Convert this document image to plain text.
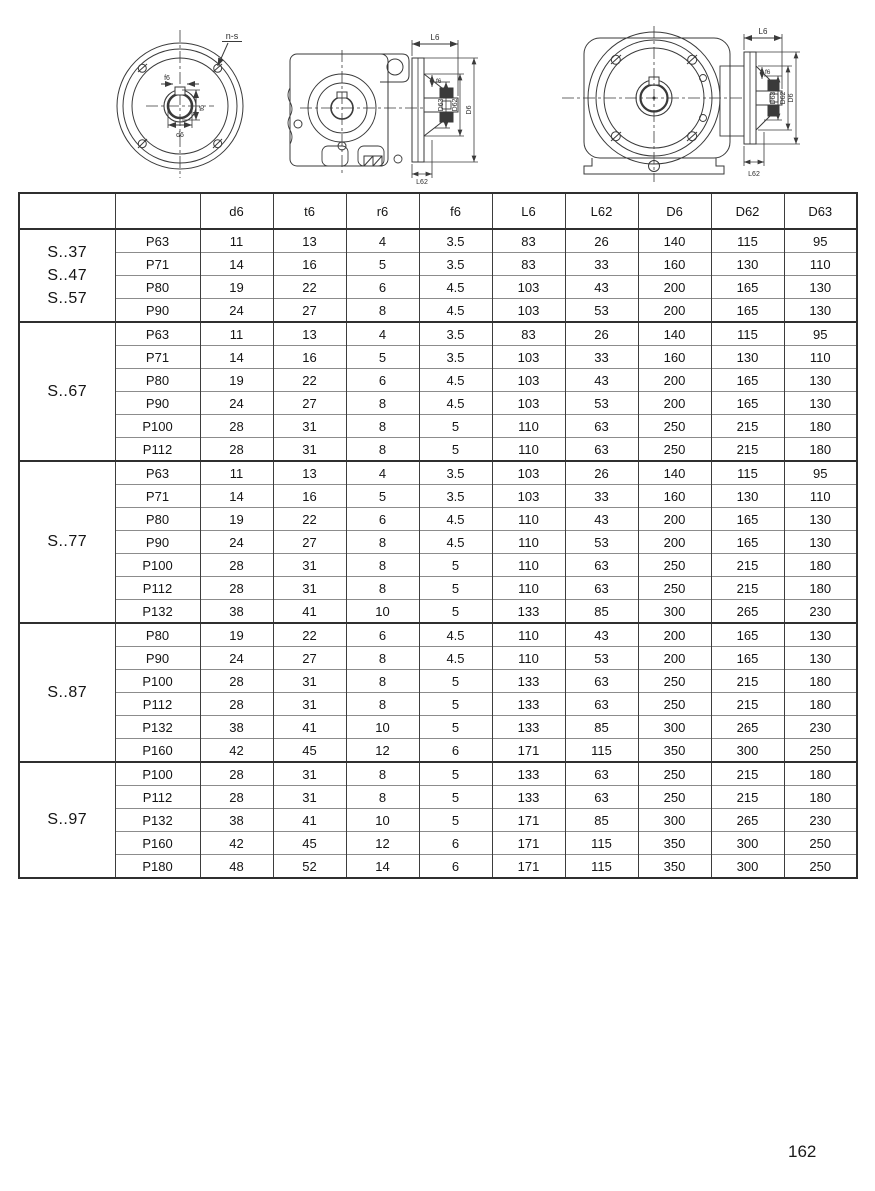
n-s
f6
t6
d6
L6
f6
D63 D62 D6
L62
L6
f6
D63 D62 D6
L62
		d6	t6	r6	f6	L6	L62	D6	D62	D63

S..37
S..47
S..57	P63	11	13	4	3.5	83	26	140	115	95
	P71	14	16	5	3.5	83	33	160	130	110
	P80	19	22	6	4.5	103	43	200	165	130
	P90	24	27	8	4.5	103	53	200	165	130

S..67	P63	11	13	4	3.5	83	26	140	115	95
	P71	14	16	5	3.5	103	33	160	130	110
	P80	19	22	6	4.5	103	43	200	165	130
	P90	24	27	8	4.5	103	53	200	165	130
	P100	28	31	8	5	110	63	250	215	180
	P112	28	31	8	5	110	63	250	215	180

S..77	P63	11	13	4	3.5	103	26	140	115	95
	P71	14	16	5	3.5	103	33	160	130	110
	P80	19	22	6	4.5	110	43	200	165	130
	P90	24	27	8	4.5	110	53	200	165	130
	P100	28	31	8	5	110	63	250	215	180
	P112	28	31	8	5	110	63	250	215	180
	P132	38	41	10	5	133	85	300	265	230

S..87	P80	19	22	6	4.5	110	43	200	165	130
	P90	24	27	8	4.5	110	53	200	165	130
	P100	28	31	8	5	133	63	250	215	180
	P112	28	31	8	5	133	63	250	215	180
	P132	38	41	10	5	133	85	300	265	230
	P160	42	45	12	6	171	115	350	300	250

S..97	P100	28	31	8	5	133	63	250	215	180
	P112	28	31	8	5	133	63	250	215	180
	P132	38	41	10	5	171	85	300	265	230
	P160	42	45	12	6	171	115	350	300	250
	P180	48	52	14	6	171	115	350	300	250
162
